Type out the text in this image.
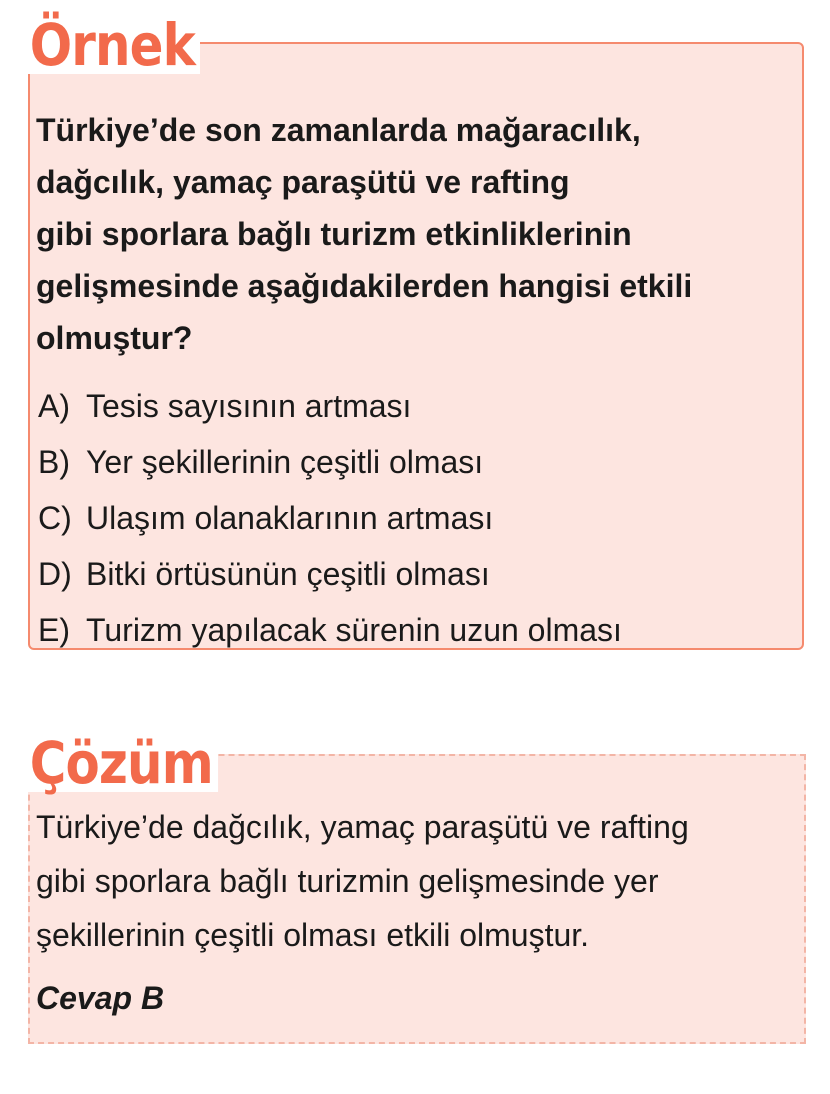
Örnek

Türkiye’de son zamanlarda mağaracılık,
dağcılık, yamaç paraşütü ve rafting
gibi sporlara bağlı turizm etkinliklerinin
gelişmesinde aşağıdakilerden hangisi etkili
olmuştur?

A) Tesis sayısının artması
B) Yer şekillerinin çeşitli olması
C) Ulaşım olanaklarının artması
D) Bitki örtüsünün çeşitli olması
E) Turizm yapılacak sürenin uzun olması
Çözüm

Türkiye’de dağcılık, yamaç paraşütü ve rafting
gibi sporlara bağlı turizmin gelişmesinde yer
şekillerinin çeşitli olması etkili olmuştur.

Cevap B
